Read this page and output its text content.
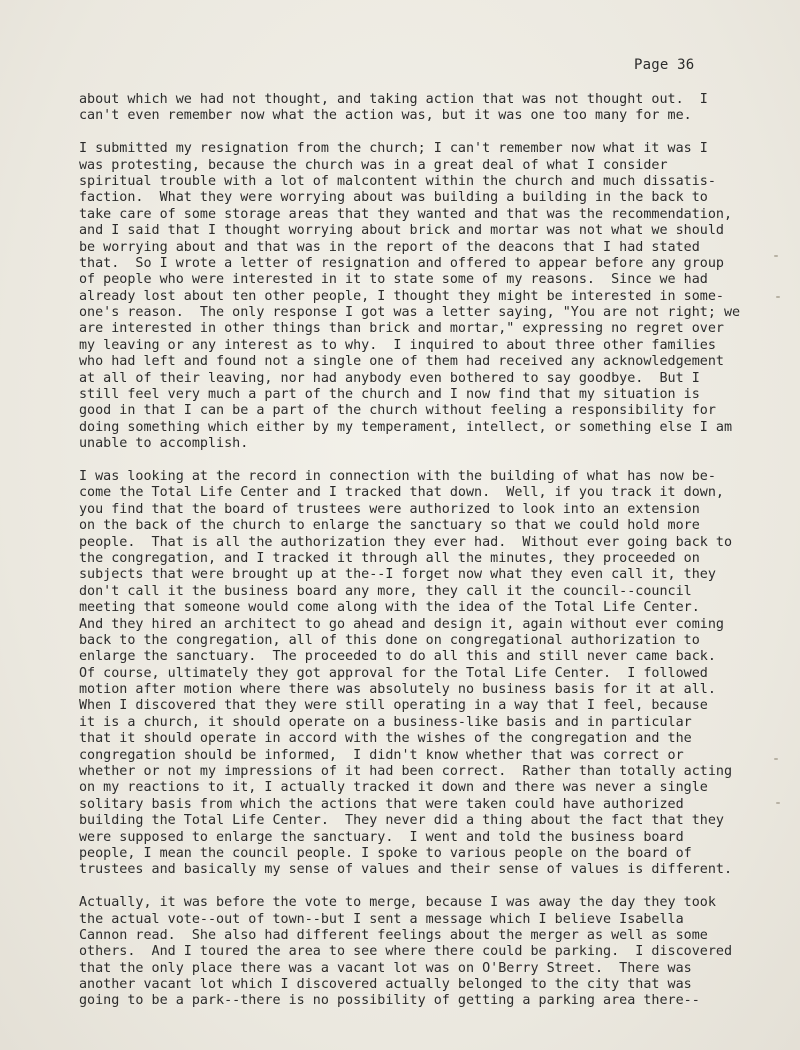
Page 36
about which we had not thought, and taking action that was not thought out.  I
can't even remember now what the action was, but it was one too many for me.
I submitted my resignation from the church; I can't remember now what it was I
was protesting, because the church was in a great deal of what I consider
spiritual trouble with a lot of malcontent within the church and much dissatis-
faction.  What they were worrying about was building a building in the back to
take care of some storage areas that they wanted and that was the recommendation,
and I said that I thought worrying about brick and mortar was not what we should
be worrying about and that was in the report of the deacons that I had stated
that.  So I wrote a letter of resignation and offered to appear before any group
of people who were interested in it to state some of my reasons.  Since we had
already lost about ten other people, I thought they might be interested in some-
one's reason.  The only response I got was a letter saying, "You are not right; we
are interested in other things than brick and mortar," expressing no regret over
my leaving or any interest as to why.  I inquired to about three other families
who had left and found not a single one of them had received any acknowledgement
at all of their leaving, nor had anybody even bothered to say goodbye.  But I
still feel very much a part of the church and I now find that my situation is
good in that I can be a part of the church without feeling a responsibility for
doing something which either by my temperament, intellect, or something else I am
unable to accomplish.
I was looking at the record in connection with the building of what has now be-
come the Total Life Center and I tracked that down.  Well, if you track it down,
you find that the board of trustees were authorized to look into an extension
on the back of the church to enlarge the sanctuary so that we could hold more
people.  That is all the authorization they ever had.  Without ever going back to
the congregation, and I tracked it through all the minutes, they proceeded on
subjects that were brought up at the--I forget now what they even call it, they
don't call it the business board any more, they call it the council--council
meeting that someone would come along with the idea of the Total Life Center.
And they hired an architect to go ahead and design it, again without ever coming
back to the congregation, all of this done on congregational authorization to
enlarge the sanctuary.  The proceeded to do all this and still never came back.
Of course, ultimately they got approval for the Total Life Center.  I followed
motion after motion where there was absolutely no business basis for it at all.
When I discovered that they were still operating in a way that I feel, because
it is a church, it should operate on a business-like basis and in particular
that it should operate in accord with the wishes of the congregation and the
congregation should be informed,  I didn't know whether that was correct or
whether or not my impressions of it had been correct.  Rather than totally acting
on my reactions to it, I actually tracked it down and there was never a single
solitary basis from which the actions that were taken could have authorized
building the Total Life Center.  They never did a thing about the fact that they
were supposed to enlarge the sanctuary.  I went and told the business board
people, I mean the council people. I spoke to various people on the board of
trustees and basically my sense of values and their sense of values is different.
Actually, it was before the vote to merge, because I was away the day they took
the actual vote--out of town--but I sent a message which I believe Isabella
Cannon read.  She also had different feelings about the merger as well as some
others.  And I toured the area to see where there could be parking.  I discovered
that the only place there was a vacant lot was on O'Berry Street.  There was
another vacant lot which I discovered actually belonged to the city that was
going to be a park--there is no possibility of getting a parking area there--
